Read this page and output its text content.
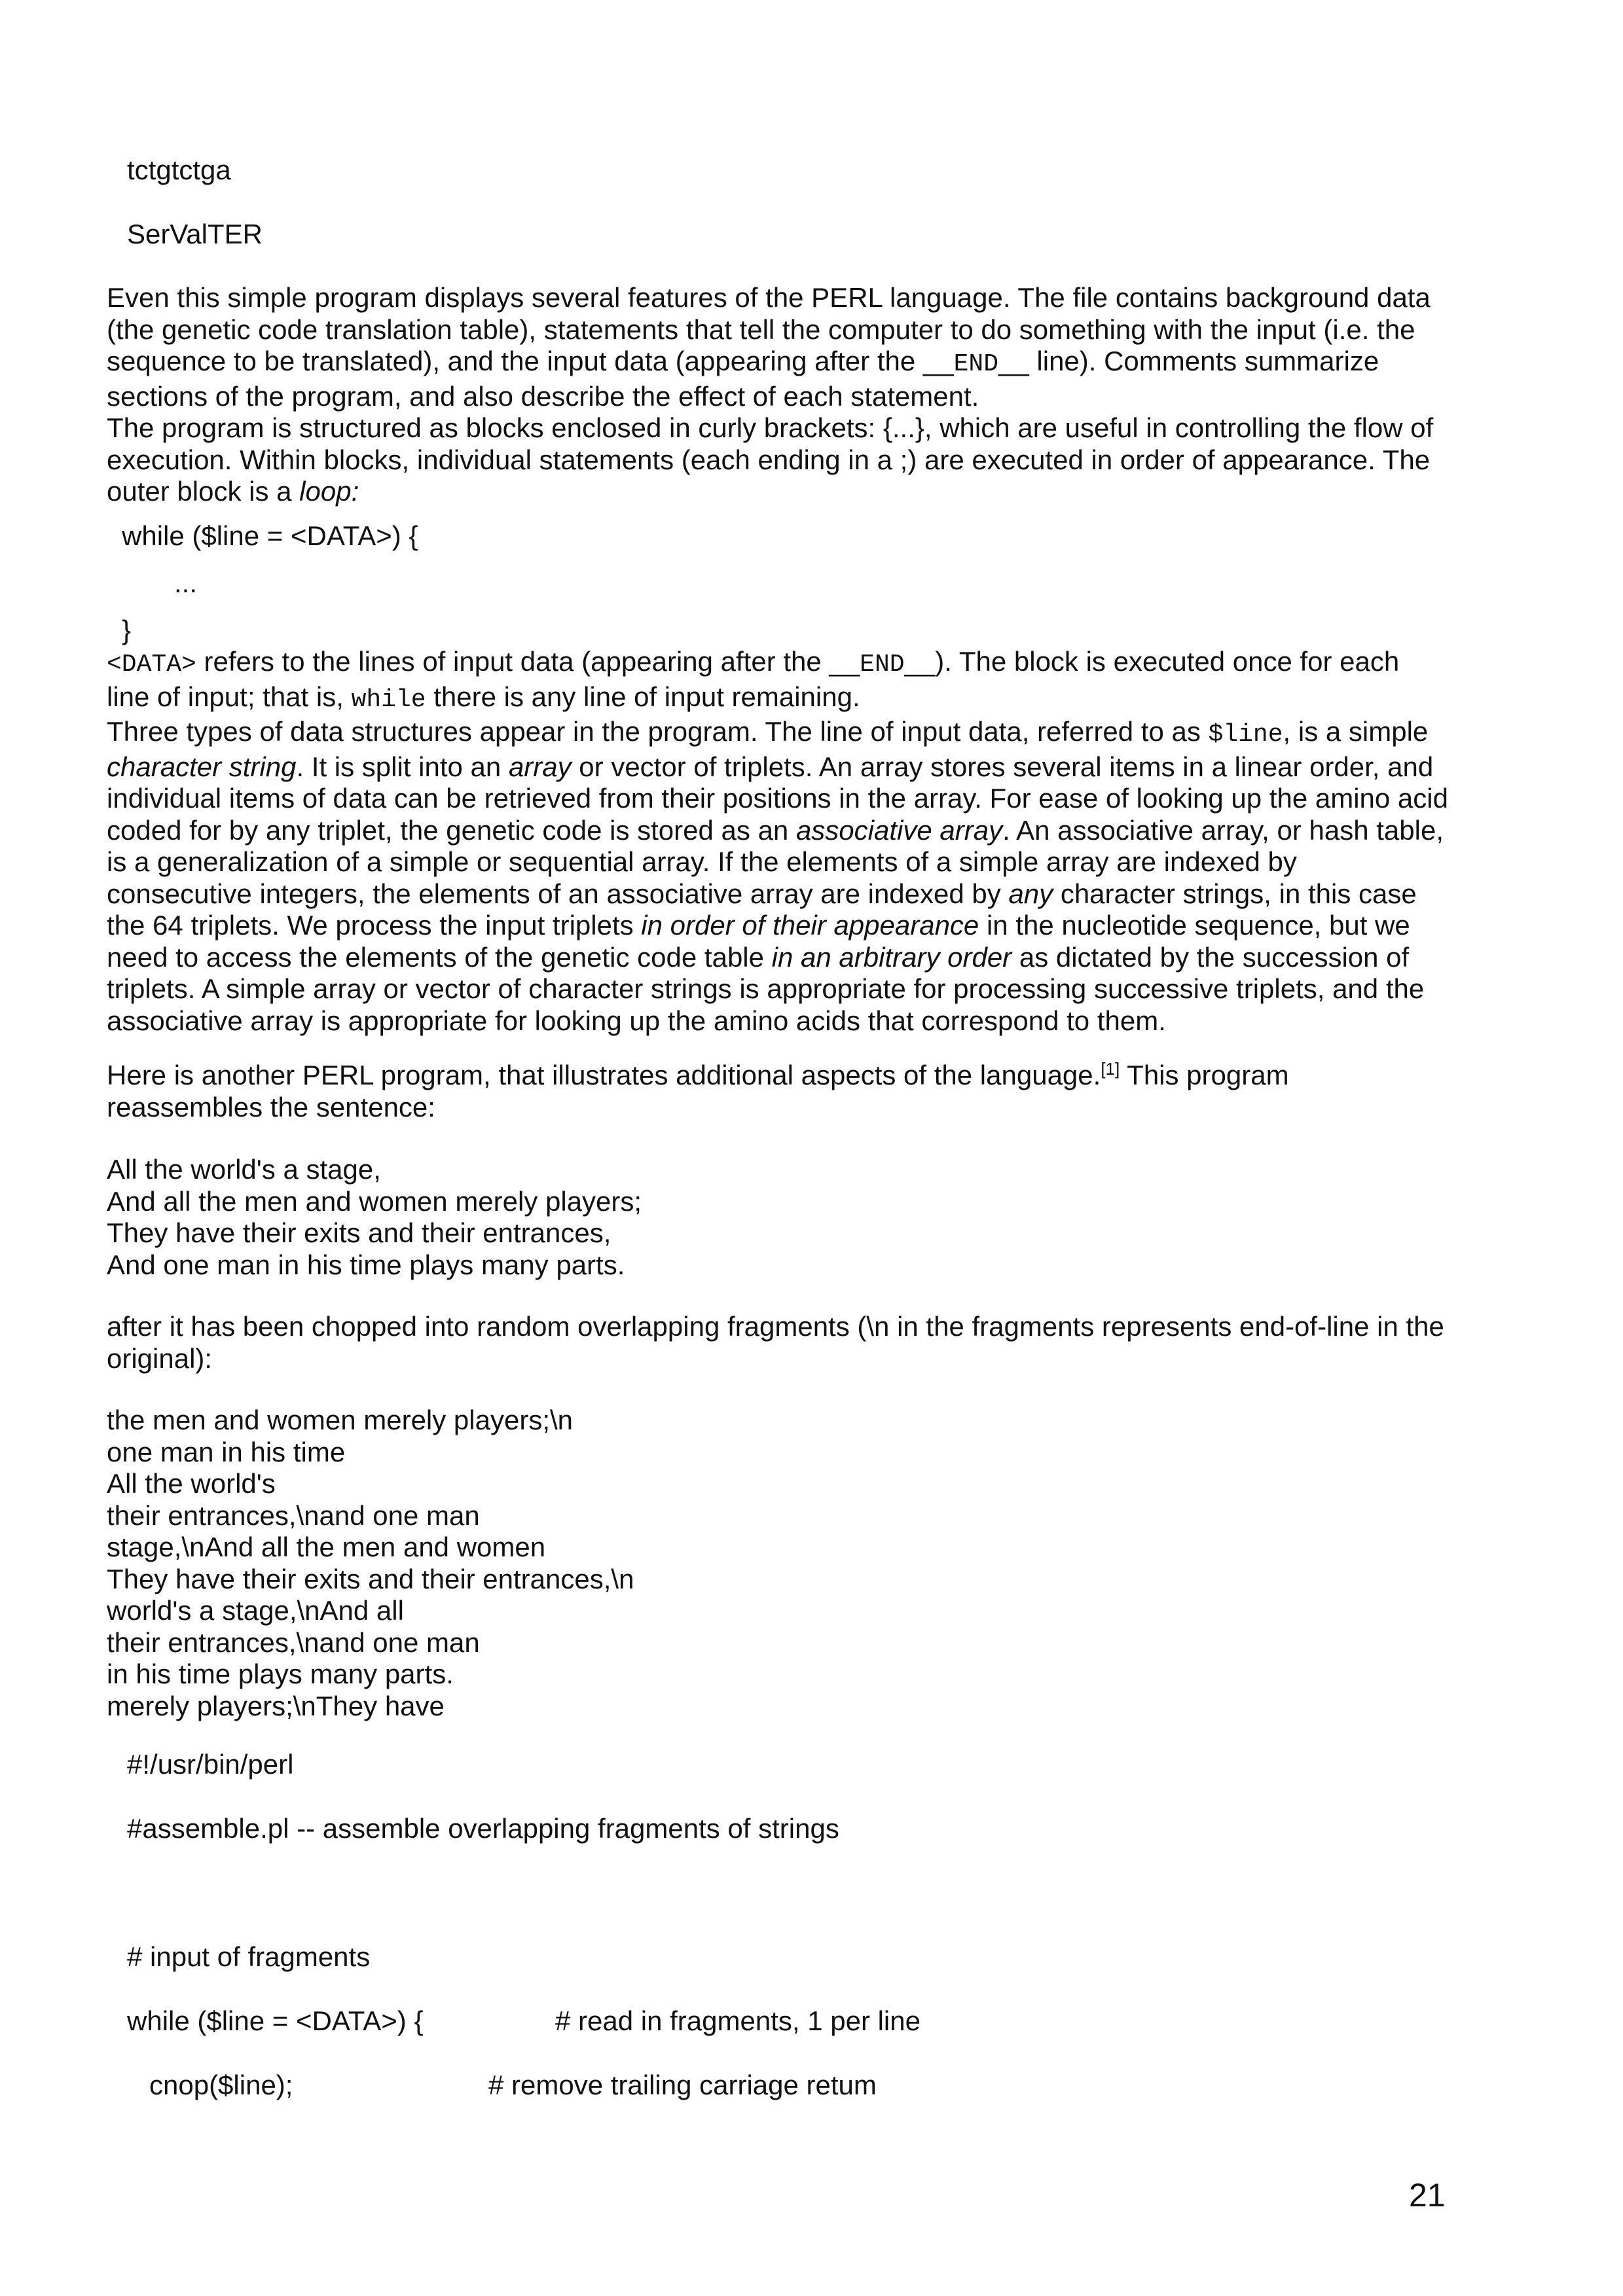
tctgtctga

SerValTER

Even this simple program displays several features of the PERL language. The file contains background data
(the genetic code translation table), statements that tell the computer to do something with the input (i.e. the
sequence to be translated), and the input data (appearing after the __END__ line). Comments summarize
sections of the program, and also describe the effect of each statement.
The program is structured as blocks enclosed in curly brackets: {...}, which are useful in controlling the flow of
execution. Within blocks, individual statements (each ending in a ;) are executed in order of appearance. The
outer block is a loop:

while ($line = <DATA>) {

...

}

<DATA> refers to the lines of input data (appearing after the __END__). The block is executed once for each
line of input; that is, while there is any line of input remaining.
Three types of data structures appear in the program. The line of input data, referred to as $line, is a simple
character string. It is split into an array or vector of triplets. An array stores several items in a linear order, and
individual items of data can be retrieved from their positions in the array. For ease of looking up the amino acid
coded for by any triplet, the genetic code is stored as an associative array. An associative array, or hash table,
is a generalization of a simple or sequential array. If the elements of a simple array are indexed by
consecutive integers, the elements of an associative array are indexed by any character strings, in this case
the 64 triplets. We process the input triplets in order of their appearance in the nucleotide sequence, but we
need to access the elements of the genetic code table in an arbitrary order as dictated by the succession of
triplets. A simple array or vector of character strings is appropriate for processing successive triplets, and the
associative array is appropriate for looking up the amino acids that correspond to them.
Here is another PERL program, that illustrates additional aspects of the language.[1] This program
reassembles the sentence:
All the world's a stage,
And all the men and women merely players;
They have their exits and their entrances,
And one man in his time plays many parts.
after it has been chopped into random overlapping fragments (\n in the fragments represents end-of-line in the
original):
the men and women merely players;\n
one man in his time
All the world's
their entrances,\nand one man
stage,\nAnd all the men and women
They have their exits and their entrances,\n
world's a stage,\nAnd all
their entrances,\nand one man
in his time plays many parts.
merely players;\nThey have

#!/usr/bin/perl

#assemble.pl -- assemble overlapping fragments of strings

# input of fragments

while ($line = <DATA>) {	# read in fragments, 1 per line

cnop($line);	# remove trailing carriage retum

21
